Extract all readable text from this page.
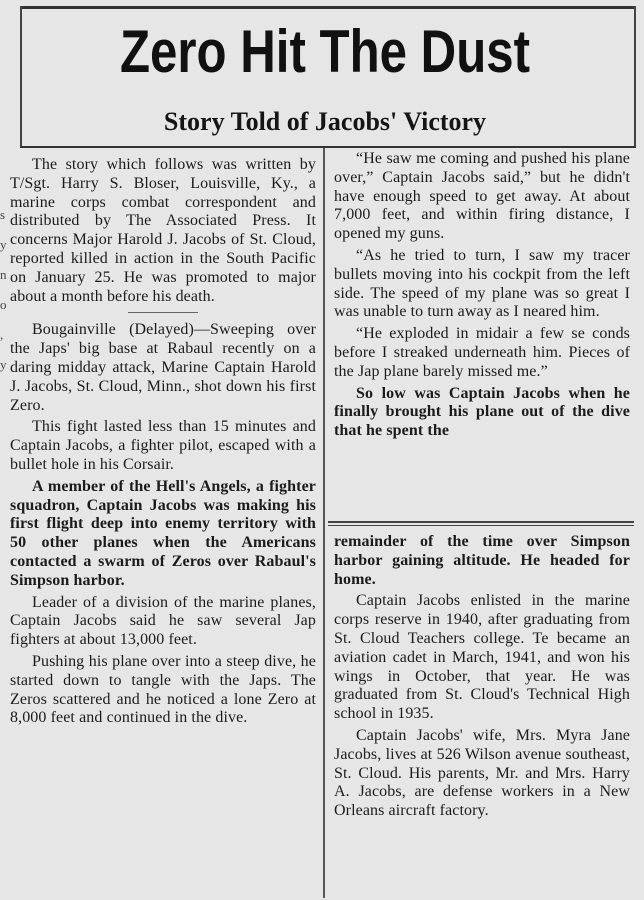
s
y
n
o
,
y
Zero Hit The Dust
Story Told of Jacobs' Victory

The story which follows was written by T/Sgt. Harry S. Bloser, Louisville, Ky., a marine corps combat correspondent and distributed by The Associated Press. It concerns Major Harold J. Jacobs of St. Cloud, reported killed in action in the South Pacific on January 25. He was promoted to major about a month before his death.

Bougainville (Delayed)—Sweeping over the Japs' big base at Rabaul recently on a daring midday attack, Marine Captain Harold J. Jacobs, St. Cloud, Minn., shot down his first Zero.

This fight lasted less than 15 minutes and Captain Jacobs, a fighter pilot, escaped with a bullet hole in his Corsair.

A member of the Hell's Angels, a fighter squadron, Captain Jacobs was making his first flight deep into enemy territory with 50 other planes when the Americans contacted a swarm of Zeros over Rabaul's Simpson harbor.

Leader of a division of the marine planes, Captain Jacobs said he saw several Jap fighters at about 13,000 feet.

Pushing his plane over into a steep dive, he started down to tangle with the Japs. The Zeros scattered and he noticed a lone Zero at 8,000 feet and continued in the dive.

“He saw me coming and pushed his plane over,” Captain Jacobs said,” but he didn't have enough speed to get away. At about 7,000 feet, and within firing distance, I opened my guns.

“As he tried to turn, I saw my tracer bullets moving into his cockpit from the left side. The speed of my plane was so great I was unable to turn away as I neared him.

“He exploded in midair a few se conds before I streaked underneath him. Pieces of the Jap plane barely missed me.”

So low was Captain Jacobs when he finally brought his plane out of the dive that he spent the

remainder of the time over Simpson harbor gaining altitude. He headed for home.

Captain Jacobs enlisted in the marine corps reserve in 1940, after graduating from St. Cloud Teachers college. Te became an aviation cadet in March, 1941, and won his wings in October, that year. He was graduated from St. Cloud's Technical High school in 1935.

Captain Jacobs' wife, Mrs. Myra Jane Jacobs, lives at 526 Wilson avenue southeast, St. Cloud. His parents, Mr. and Mrs. Harry A. Jacobs, are defense workers in a New Orleans aircraft factory.
